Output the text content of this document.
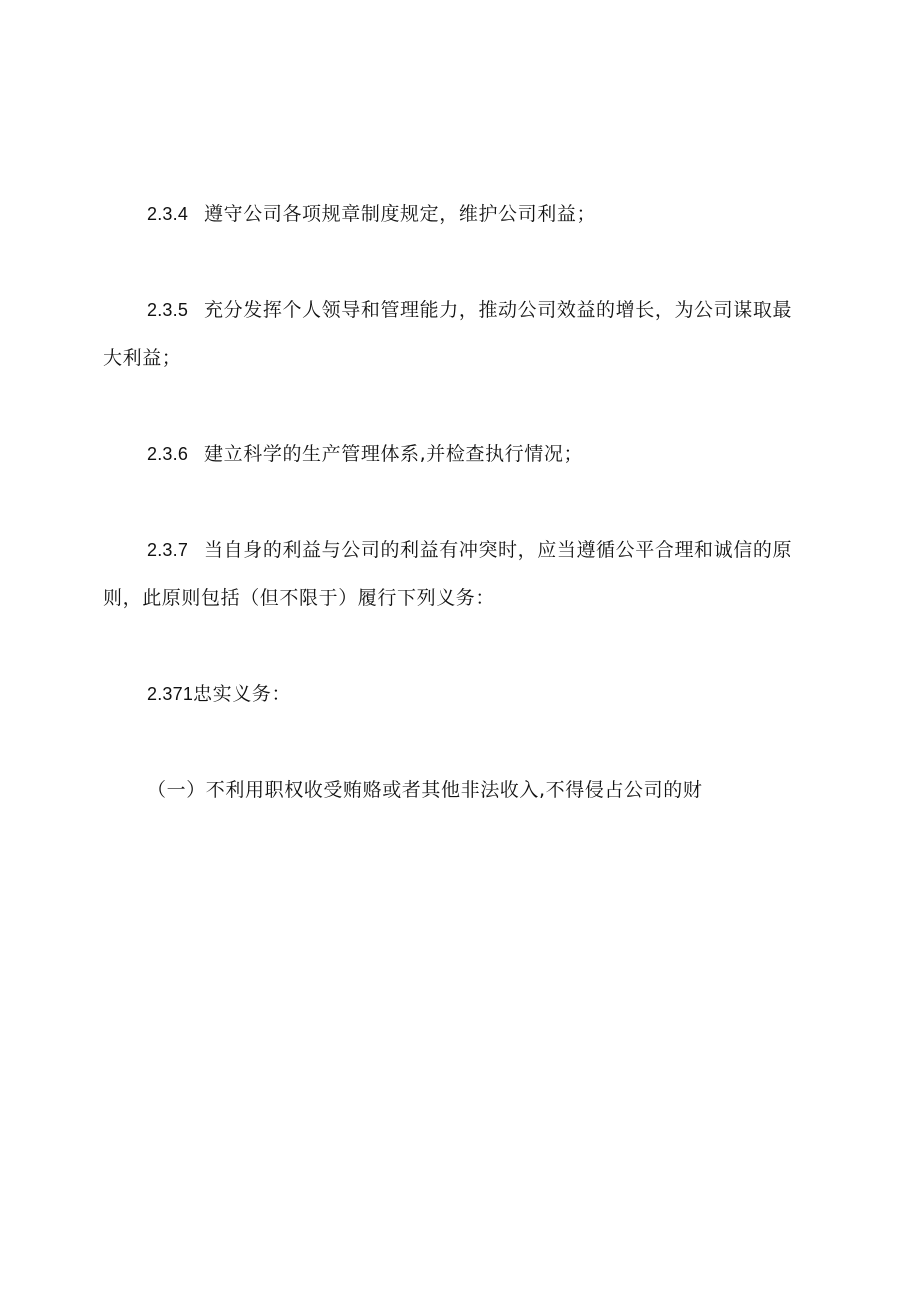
2.3.4 遵守公司各项规章制度规定，维护公司利益；
2.3.5 充分发挥个人领导和管理能力，推动公司效益的增长，为公司谋取最
大利益；
2.3.6 建立科学的生产管理体系,并检查执行情况；
2.3.7 当自身的利益与公司的利益有冲突时，应当遵循公平合理和诚信的原
则，此原则包括（但不限于）履行下列义务：
2.371忠实义务：
（一）不利用职权收受贿赂或者其他非法收入,不得侵占公司的财
